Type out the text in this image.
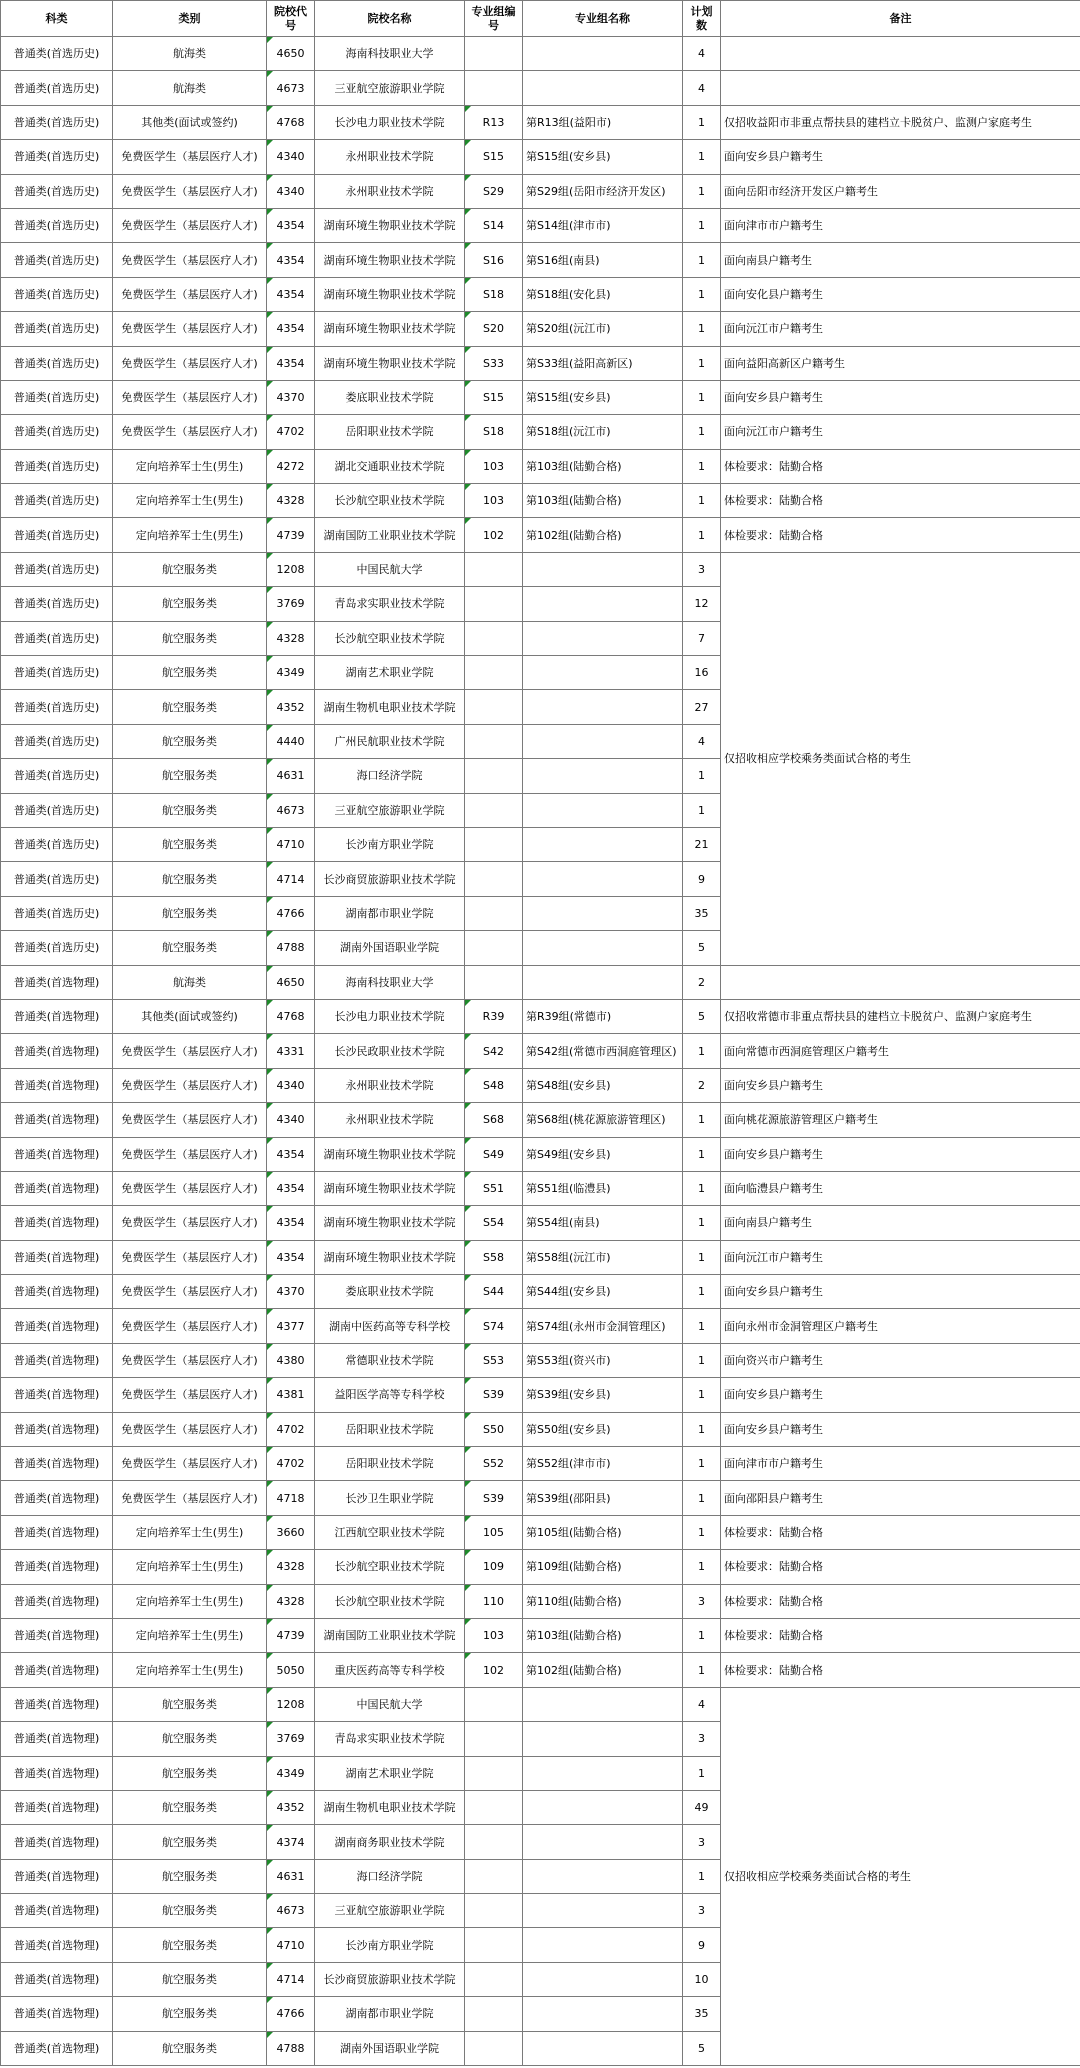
科类	类别	院校代号	院校名称	专业组编号	专业组名称	计划数	备注
普通类(首选历史)	航海类	4650	海南科技职业大学			4	
普通类(首选历史)	航海类	4673	三亚航空旅游职业学院			4	
普通类(首选历史)	其他类(面试或签约)	4768	长沙电力职业技术学院	R13	第R13组(益阳市)	1	仅招收益阳市非重点帮扶县的建档立卡脱贫户、监测户家庭考生
普通类(首选历史)	免费医学生（基层医疗人才)	4340	永州职业技术学院	S15	第S15组(安乡县)	1	面向安乡县户籍考生
普通类(首选历史)	免费医学生（基层医疗人才)	4340	永州职业技术学院	S29	第S29组(岳阳市经济开发区)	1	面向岳阳市经济开发区户籍考生
普通类(首选历史)	免费医学生（基层医疗人才)	4354	湖南环境生物职业技术学院	S14	第S14组(津市市)	1	面向津市市户籍考生
普通类(首选历史)	免费医学生（基层医疗人才)	4354	湖南环境生物职业技术学院	S16	第S16组(南县)	1	面向南县户籍考生
普通类(首选历史)	免费医学生（基层医疗人才)	4354	湖南环境生物职业技术学院	S18	第S18组(安化县)	1	面向安化县户籍考生
普通类(首选历史)	免费医学生（基层医疗人才)	4354	湖南环境生物职业技术学院	S20	第S20组(沅江市)	1	面向沅江市户籍考生
普通类(首选历史)	免费医学生（基层医疗人才)	4354	湖南环境生物职业技术学院	S33	第S33组(益阳高新区)	1	面向益阳高新区户籍考生
普通类(首选历史)	免费医学生（基层医疗人才)	4370	娄底职业技术学院	S15	第S15组(安乡县)	1	面向安乡县户籍考生
普通类(首选历史)	免费医学生（基层医疗人才)	4702	岳阳职业技术学院	S18	第S18组(沅江市)	1	面向沅江市户籍考生
普通类(首选历史)	定向培养军士生(男生)	4272	湖北交通职业技术学院	103	第103组(陆勤合格)	1	体检要求：陆勤合格
普通类(首选历史)	定向培养军士生(男生)	4328	长沙航空职业技术学院	103	第103组(陆勤合格)	1	体检要求：陆勤合格
普通类(首选历史)	定向培养军士生(男生)	4739	湖南国防工业职业技术学院	102	第102组(陆勤合格)	1	体检要求：陆勤合格
普通类(首选历史)	航空服务类	1208	中国民航大学			3	仅招收相应学校乘务类面试合格的考生
普通类(首选历史)	航空服务类	3769	青岛求实职业技术学院			12	
普通类(首选历史)	航空服务类	4328	长沙航空职业技术学院			7	
普通类(首选历史)	航空服务类	4349	湖南艺术职业学院			16	
普通类(首选历史)	航空服务类	4352	湖南生物机电职业技术学院			27	
普通类(首选历史)	航空服务类	4440	广州民航职业技术学院			4	
普通类(首选历史)	航空服务类	4631	海口经济学院			1	
普通类(首选历史)	航空服务类	4673	三亚航空旅游职业学院			1	
普通类(首选历史)	航空服务类	4710	长沙南方职业学院			21	
普通类(首选历史)	航空服务类	4714	长沙商贸旅游职业技术学院			9	
普通类(首选历史)	航空服务类	4766	湖南都市职业学院			35	
普通类(首选历史)	航空服务类	4788	湖南外国语职业学院			5	
普通类(首选物理)	航海类	4650	海南科技职业大学			2	
普通类(首选物理)	其他类(面试或签约)	4768	长沙电力职业技术学院	R39	第R39组(常德市)	5	仅招收常德市非重点帮扶县的建档立卡脱贫户、监测户家庭考生
普通类(首选物理)	免费医学生（基层医疗人才)	4331	长沙民政职业技术学院	S42	第S42组(常德市西洞庭管理区)	1	面向常德市西洞庭管理区户籍考生
普通类(首选物理)	免费医学生（基层医疗人才)	4340	永州职业技术学院	S48	第S48组(安乡县)	2	面向安乡县户籍考生
普通类(首选物理)	免费医学生（基层医疗人才)	4340	永州职业技术学院	S68	第S68组(桃花源旅游管理区)	1	面向桃花源旅游管理区户籍考生
普通类(首选物理)	免费医学生（基层医疗人才)	4354	湖南环境生物职业技术学院	S49	第S49组(安乡县)	1	面向安乡县户籍考生
普通类(首选物理)	免费医学生（基层医疗人才)	4354	湖南环境生物职业技术学院	S51	第S51组(临澧县)	1	面向临澧县户籍考生
普通类(首选物理)	免费医学生（基层医疗人才)	4354	湖南环境生物职业技术学院	S54	第S54组(南县)	1	面向南县户籍考生
普通类(首选物理)	免费医学生（基层医疗人才)	4354	湖南环境生物职业技术学院	S58	第S58组(沅江市)	1	面向沅江市户籍考生
普通类(首选物理)	免费医学生（基层医疗人才)	4370	娄底职业技术学院	S44	第S44组(安乡县)	1	面向安乡县户籍考生
普通类(首选物理)	免费医学生（基层医疗人才)	4377	湖南中医药高等专科学校	S74	第S74组(永州市金洞管理区)	1	面向永州市金洞管理区户籍考生
普通类(首选物理)	免费医学生（基层医疗人才)	4380	常德职业技术学院	S53	第S53组(资兴市)	1	面向资兴市户籍考生
普通类(首选物理)	免费医学生（基层医疗人才)	4381	益阳医学高等专科学校	S39	第S39组(安乡县)	1	面向安乡县户籍考生
普通类(首选物理)	免费医学生（基层医疗人才)	4702	岳阳职业技术学院	S50	第S50组(安乡县)	1	面向安乡县户籍考生
普通类(首选物理)	免费医学生（基层医疗人才)	4702	岳阳职业技术学院	S52	第S52组(津市市)	1	面向津市市户籍考生
普通类(首选物理)	免费医学生（基层医疗人才)	4718	长沙卫生职业学院	S39	第S39组(邵阳县)	1	面向邵阳县户籍考生
普通类(首选物理)	定向培养军士生(男生)	3660	江西航空职业技术学院	105	第105组(陆勤合格)	1	体检要求：陆勤合格
普通类(首选物理)	定向培养军士生(男生)	4328	长沙航空职业技术学院	109	第109组(陆勤合格)	1	体检要求：陆勤合格
普通类(首选物理)	定向培养军士生(男生)	4328	长沙航空职业技术学院	110	第110组(陆勤合格)	3	体检要求：陆勤合格
普通类(首选物理)	定向培养军士生(男生)	4739	湖南国防工业职业技术学院	103	第103组(陆勤合格)	1	体检要求：陆勤合格
普通类(首选物理)	定向培养军士生(男生)	5050	重庆医药高等专科学校	102	第102组(陆勤合格)	1	体检要求：陆勤合格
普通类(首选物理)	航空服务类	1208	中国民航大学			4	仅招收相应学校乘务类面试合格的考生
普通类(首选物理)	航空服务类	3769	青岛求实职业技术学院			3	
普通类(首选物理)	航空服务类	4349	湖南艺术职业学院			1	
普通类(首选物理)	航空服务类	4352	湖南生物机电职业技术学院			49	
普通类(首选物理)	航空服务类	4374	湖南商务职业技术学院			3	
普通类(首选物理)	航空服务类	4631	海口经济学院			1	
普通类(首选物理)	航空服务类	4673	三亚航空旅游职业学院			3	
普通类(首选物理)	航空服务类	4710	长沙南方职业学院			9	
普通类(首选物理)	航空服务类	4714	长沙商贸旅游职业技术学院			10	
普通类(首选物理)	航空服务类	4766	湖南都市职业学院			35	
普通类(首选物理)	航空服务类	4788	湖南外国语职业学院			5	
